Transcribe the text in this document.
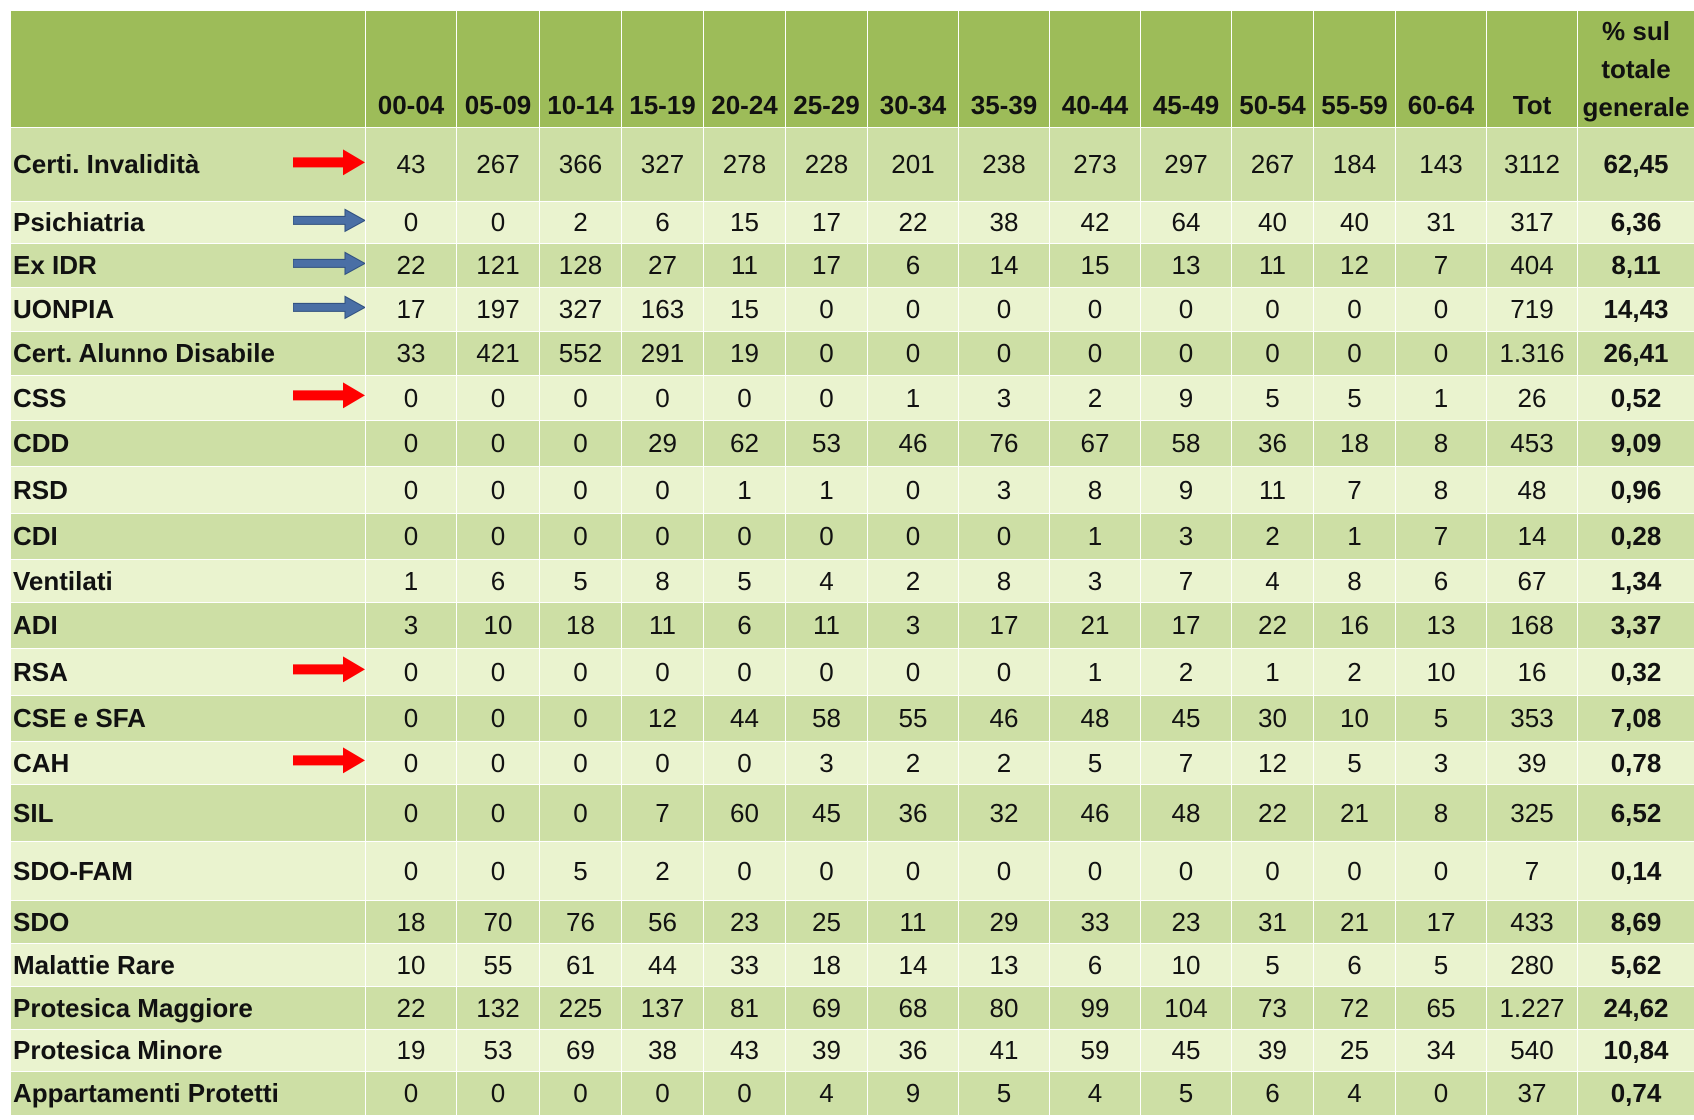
	00-04	05-09	10-14	15-19	20-24	25-29	30-34	35-39	40-44	45-49	50-54	55-59	60-64	Tot	% sul totale generale
Certi. Invalidità	43	267	366	327	278	228	201	238	273	297	267	184	143	3112	62,45
Psichiatria	0	0	2	6	15	17	22	38	42	64	40	40	31	317	6,36
Ex IDR	22	121	128	27	11	17	6	14	15	13	11	12	7	404	8,11
UONPIA	17	197	327	163	15	0	0	0	0	0	0	0	0	719	14,43
Cert. Alunno Disabile	33	421	552	291	19	0	0	0	0	0	0	0	0	1.316	26,41
CSS	0	0	0	0	0	0	1	3	2	9	5	5	1	26	0,52
CDD	0	0	0	29	62	53	46	76	67	58	36	18	8	453	9,09
RSD	0	0	0	0	1	1	0	3	8	9	11	7	8	48	0,96
CDI	0	0	0	0	0	0	0	0	1	3	2	1	7	14	0,28
Ventilati	1	6	5	8	5	4	2	8	3	7	4	8	6	67	1,34
ADI	3	10	18	11	6	11	3	17	21	17	22	16	13	168	3,37
RSA	0	0	0	0	0	0	0	0	1	2	1	2	10	16	0,32
CSE e SFA	0	0	0	12	44	58	55	46	48	45	30	10	5	353	7,08
CAH	0	0	0	0	0	3	2	2	5	7	12	5	3	39	0,78
SIL	0	0	0	7	60	45	36	32	46	48	22	21	8	325	6,52
SDO-FAM	0	0	5	2	0	0	0	0	0	0	0	0	0	7	0,14
SDO	18	70	76	56	23	25	11	29	33	23	31	21	17	433	8,69
Malattie Rare	10	55	61	44	33	18	14	13	6	10	5	6	5	280	5,62
Protesica Maggiore	22	132	225	137	81	69	68	80	99	104	73	72	65	1.227	24,62
Protesica Minore	19	53	69	38	43	39	36	41	59	45	39	25	34	540	10,84
Appartamenti Protetti	0	0	0	0	0	4	9	5	4	5	6	4	0	37	0,74
